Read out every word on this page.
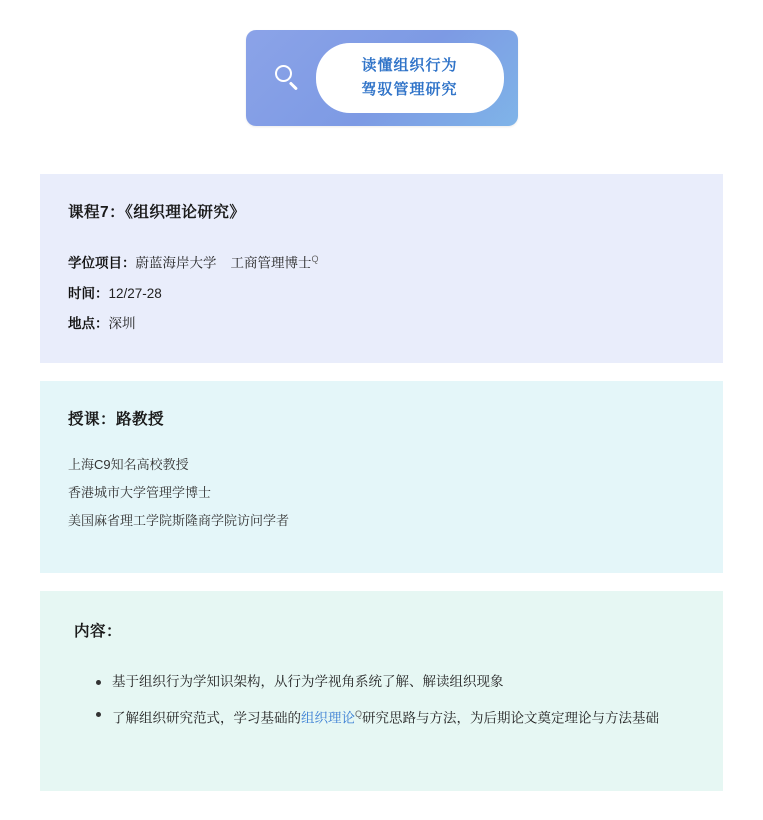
读懂组织行为
驾驭管理研究
课程7：《组织理论研究》
学位项目：蔚蓝海岸大学 工商管理博士$^Q$
时间：12/27-28
地点：深圳
授课：路教授
上海C9知名高校教授
香港城市大学管理学博士
美国麻省理工学院斯隆商学院访问学者
内容：
基于组织行为学知识架构，从行为学视角系统了解、解读组织现象
了解组织研究范式，学习基础的组织理论$^Q$研究思路与方法，为后期论文奠定理论与方法基础
